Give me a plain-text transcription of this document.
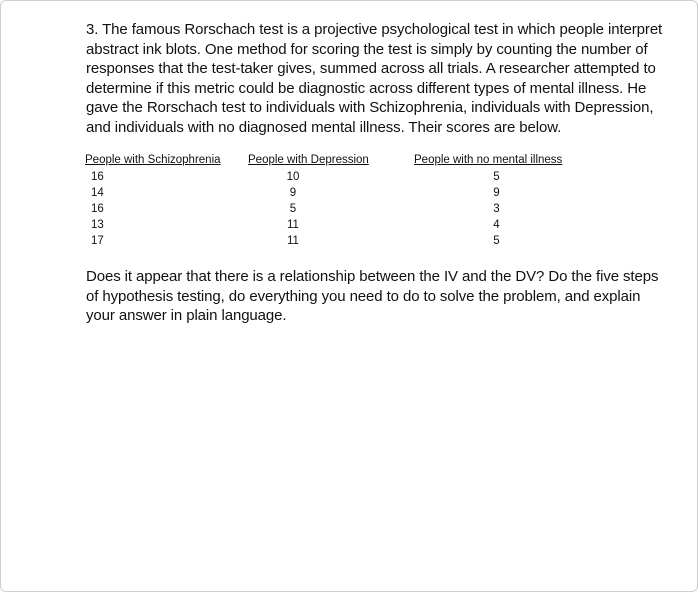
3. The famous Rorschach test is a projective psychological test in which people interpret abstract ink blots. One method for scoring the test is simply by counting the number of responses that the test-taker gives, summed across all trials. A researcher attempted to determine if this metric could be diagnostic across different types of mental illness. He gave the Rorschach test to individuals with Schizophrenia, individuals with Depression, and individuals with no diagnosed mental illness. Their scores are below.

People with Schizophrenia
16
14
16
13
17
People with Depression
10
9
5
11
11
People with no mental illness
5
9
3
4
5

Does it appear that there is a relationship between the IV and the DV? Do the five steps of hypothesis testing, do everything you need to do to solve the problem, and explain your answer in plain language.
